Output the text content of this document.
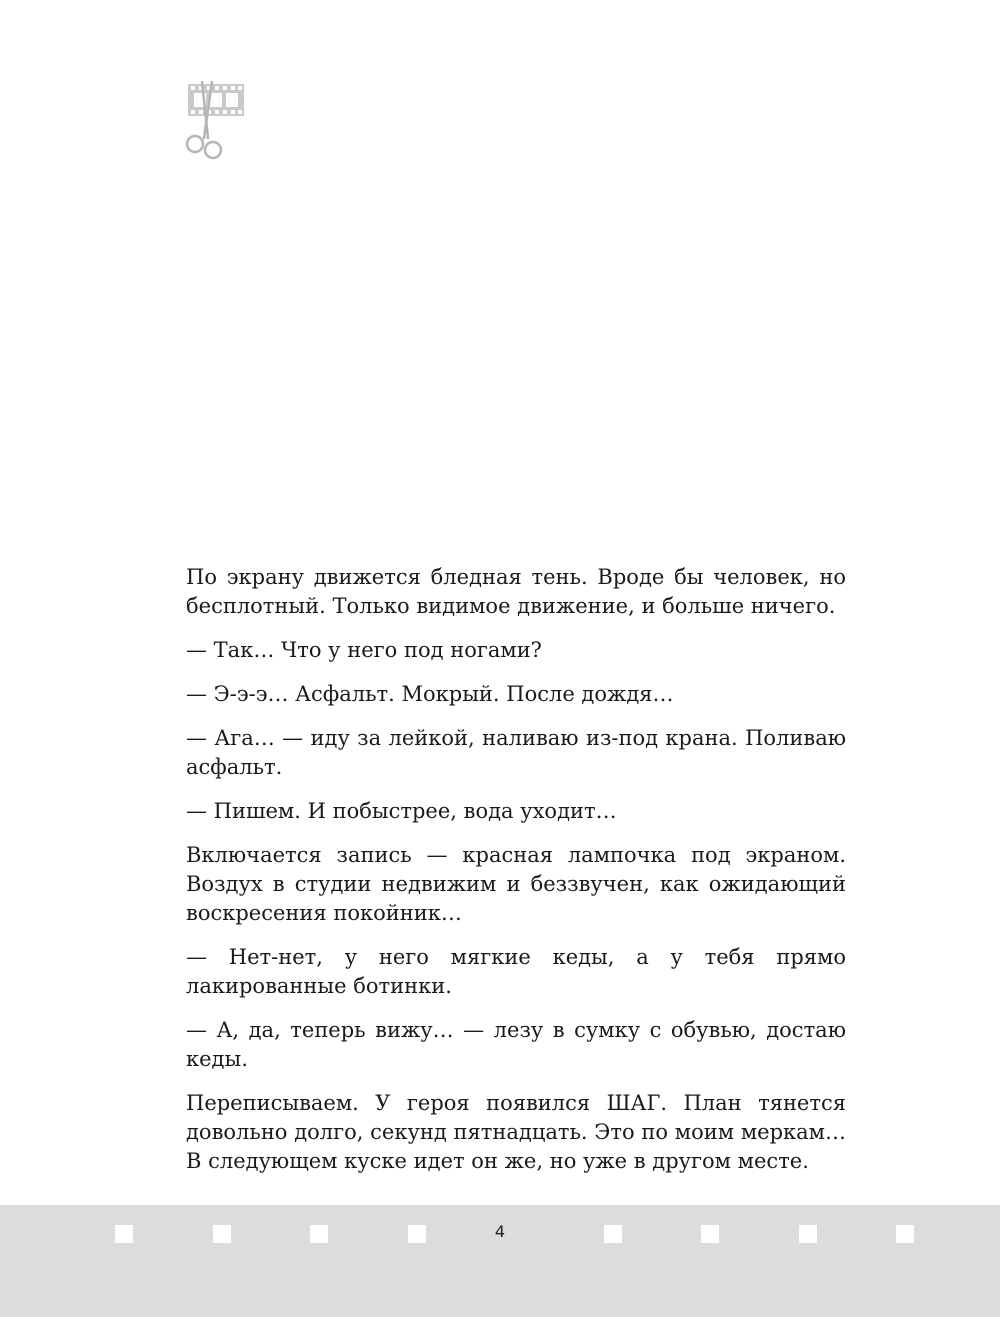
По экрану движется бледная тень. Вроде бы человек, но бесплотный. Только видимое движение, и больше ничего.

— Так… Что у него под ногами?

— Э-э-э… Асфальт. Мокрый. После дождя…

— Ага… — иду за лейкой, наливаю из-под крана. Поливаю асфальт.

— Пишем. И побыстрее, вода уходит…

Включается запись — красная лампочка под экраном. Воздух в студии недвижим и беззвучен, как ожидающий воскресения покойник…

— Нет-нет, у него мягкие кеды, а у тебя прямо лакированные ботинки.

— А, да, теперь вижу… — лезу в сумку с обувью, достаю кеды.

Переписываем. У героя появился ШАГ. План тянется довольно долго, секунд пятнадцать. Это по моим меркам… В следующем куске идет он же, но уже в другом месте.

4
